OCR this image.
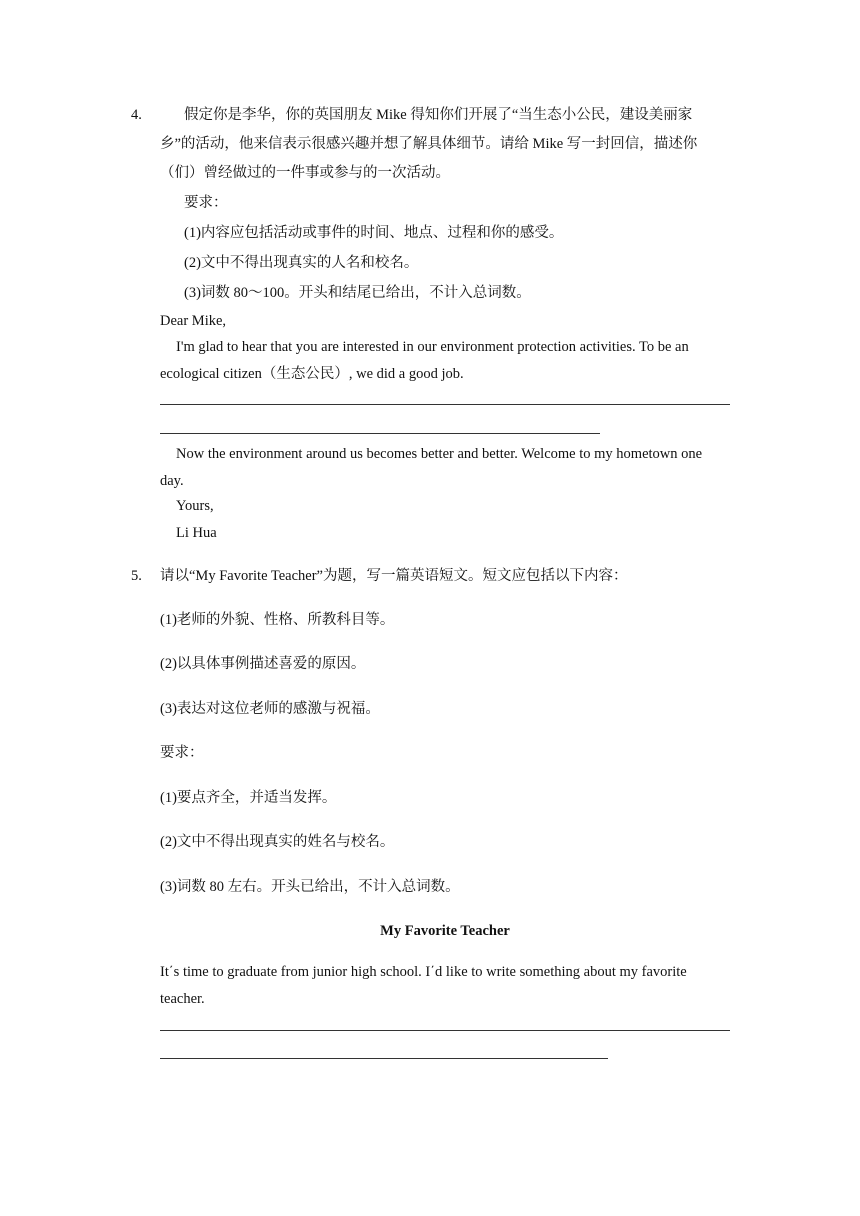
4.	假定你是李华，你的英国朋友 Mike 得知你们开展了“当生态小公民，建设美丽家
乡”的活动，他来信表示很感兴趣并想了解具体细节。请给 Mike 写一封回信，描述你
（们）曾经做过的一件事或参与的一次活动。
要求：
(1)内容应包括活动或事件的时间、地点、过程和你的感受。
(2)文中不得出现真实的人名和校名。
(3)词数 80～100。开头和结尾已给出，不计入总词数。
Dear Mike,
I'm glad to hear that you are interested in our environment protection activities. To be an
ecological citizen（生态公民）, we did a good job.
Now the environment around us becomes better and better. Welcome to my hometown one
day.
Yours,
Li Hua
5. 请以“My Favorite Teacher”为题，写一篇英语短文。短文应包括以下内容：
(1)老师的外貌、性格、所教科目等。
(2)以具体事例描述喜爱的原因。
(3)表达对这位老师的感激与祝福。
要求：
(1)要点齐全，并适当发挥。
(2)文中不得出现真实的姓名与校名。
(3)词数 80 左右。开头已给出，不计入总词数。
My Favorite Teacher
It΄s time to graduate from junior high school. I΄d like to write something about my favorite
teacher.
